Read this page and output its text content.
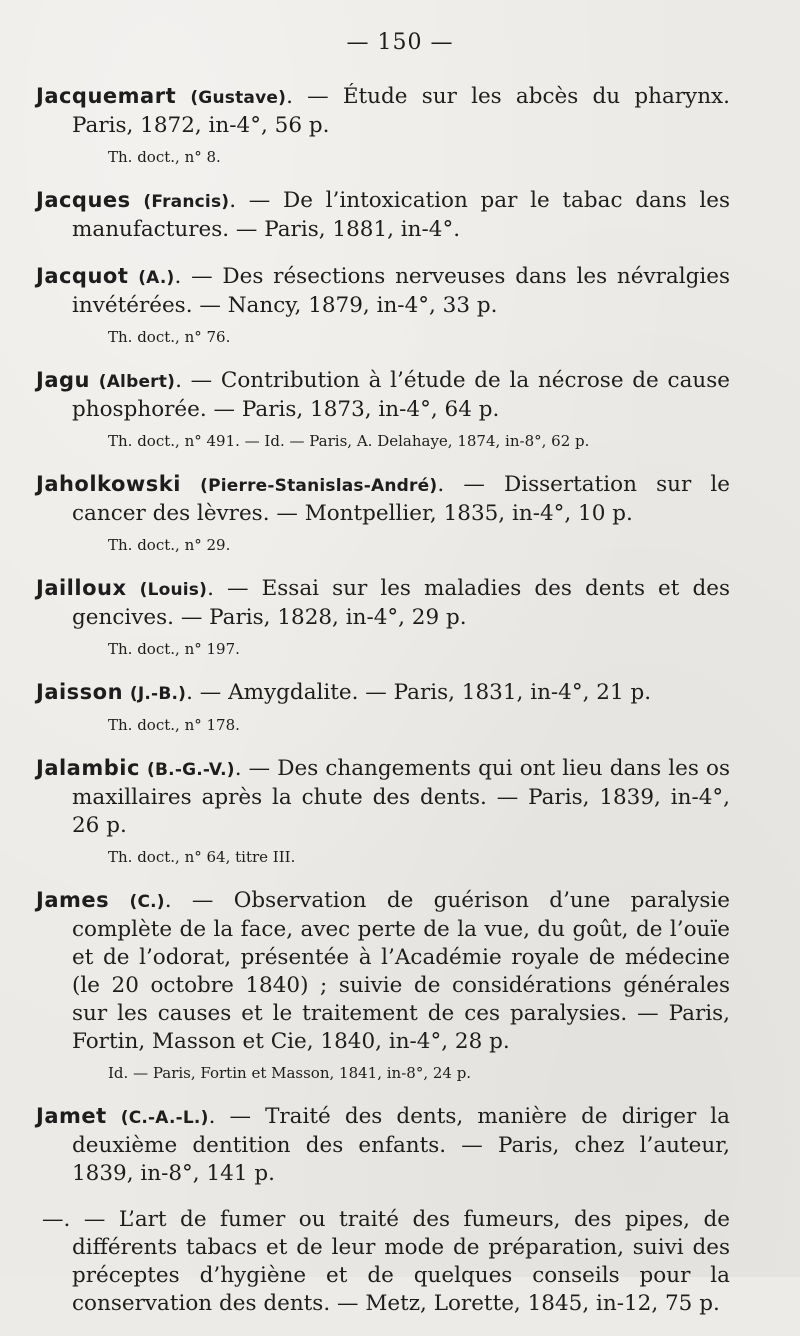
— 150 —
Jacquemart (Gustave). — Étude sur les abcès du pharynx. Paris, 1872, in-4°, 56 p.
Th. doct., n° 8.
Jacques (Francis). — De l’intoxication par le tabac dans les manufactures. — Paris, 1881, in-4°.
Jacquot (A.). — Des résections nerveuses dans les névralgies invétérées. — Nancy, 1879, in-4°, 33 p.
Th. doct., n° 76.
Jagu (Albert). — Contribution à l’étude de la nécrose de cause phosphorée. — Paris, 1873, in-4°, 64 p.
Th. doct., n° 491. — Id. — Paris, A. Delahaye, 1874, in-8°, 62 p.
Jaholkowski (Pierre-Stanislas-André). — Dissertation sur le cancer des lèvres. — Montpellier, 1835, in-4°, 10 p.
Th. doct., n° 29.
Jailloux (Louis). — Essai sur les maladies des dents et des gencives. — Paris, 1828, in-4°, 29 p.
Th. doct., n° 197.
Jaisson (J.-B.). — Amygdalite. — Paris, 1831, in-4°, 21 p.
Th. doct., n° 178.
Jalambic (B.-G.-V.). — Des changements qui ont lieu dans les os maxillaires après la chute des dents. — Paris, 1839, in-4°, 26 p.
Th. doct., n° 64, titre III.
James (C.). — Observation de guérison d’une paralysie complète de la face, avec perte de la vue, du goût, de l’ouïe et de l’odorat, présentée à l’Académie royale de médecine (le 20 octobre 1840) ; suivie de considérations générales sur les causes et le traitement de ces paralysies. — Paris, Fortin, Masson et Cie, 1840, in-4°, 28 p.
Id. — Paris, Fortin et Masson, 1841, in-8°, 24 p.
Jamet (C.-A.-L.). — Traité des dents, manière de diriger la deuxième dentition des enfants. — Paris, chez l’auteur, 1839, in-8°, 141 p.
—. — L’art de fumer ou traité des fumeurs, des pipes, de différents tabacs et de leur mode de préparation, suivi des préceptes d’hygiène et de quelques conseils pour la conservation des dents. — Metz, Lorette, 1845, in-12, 75 p.
